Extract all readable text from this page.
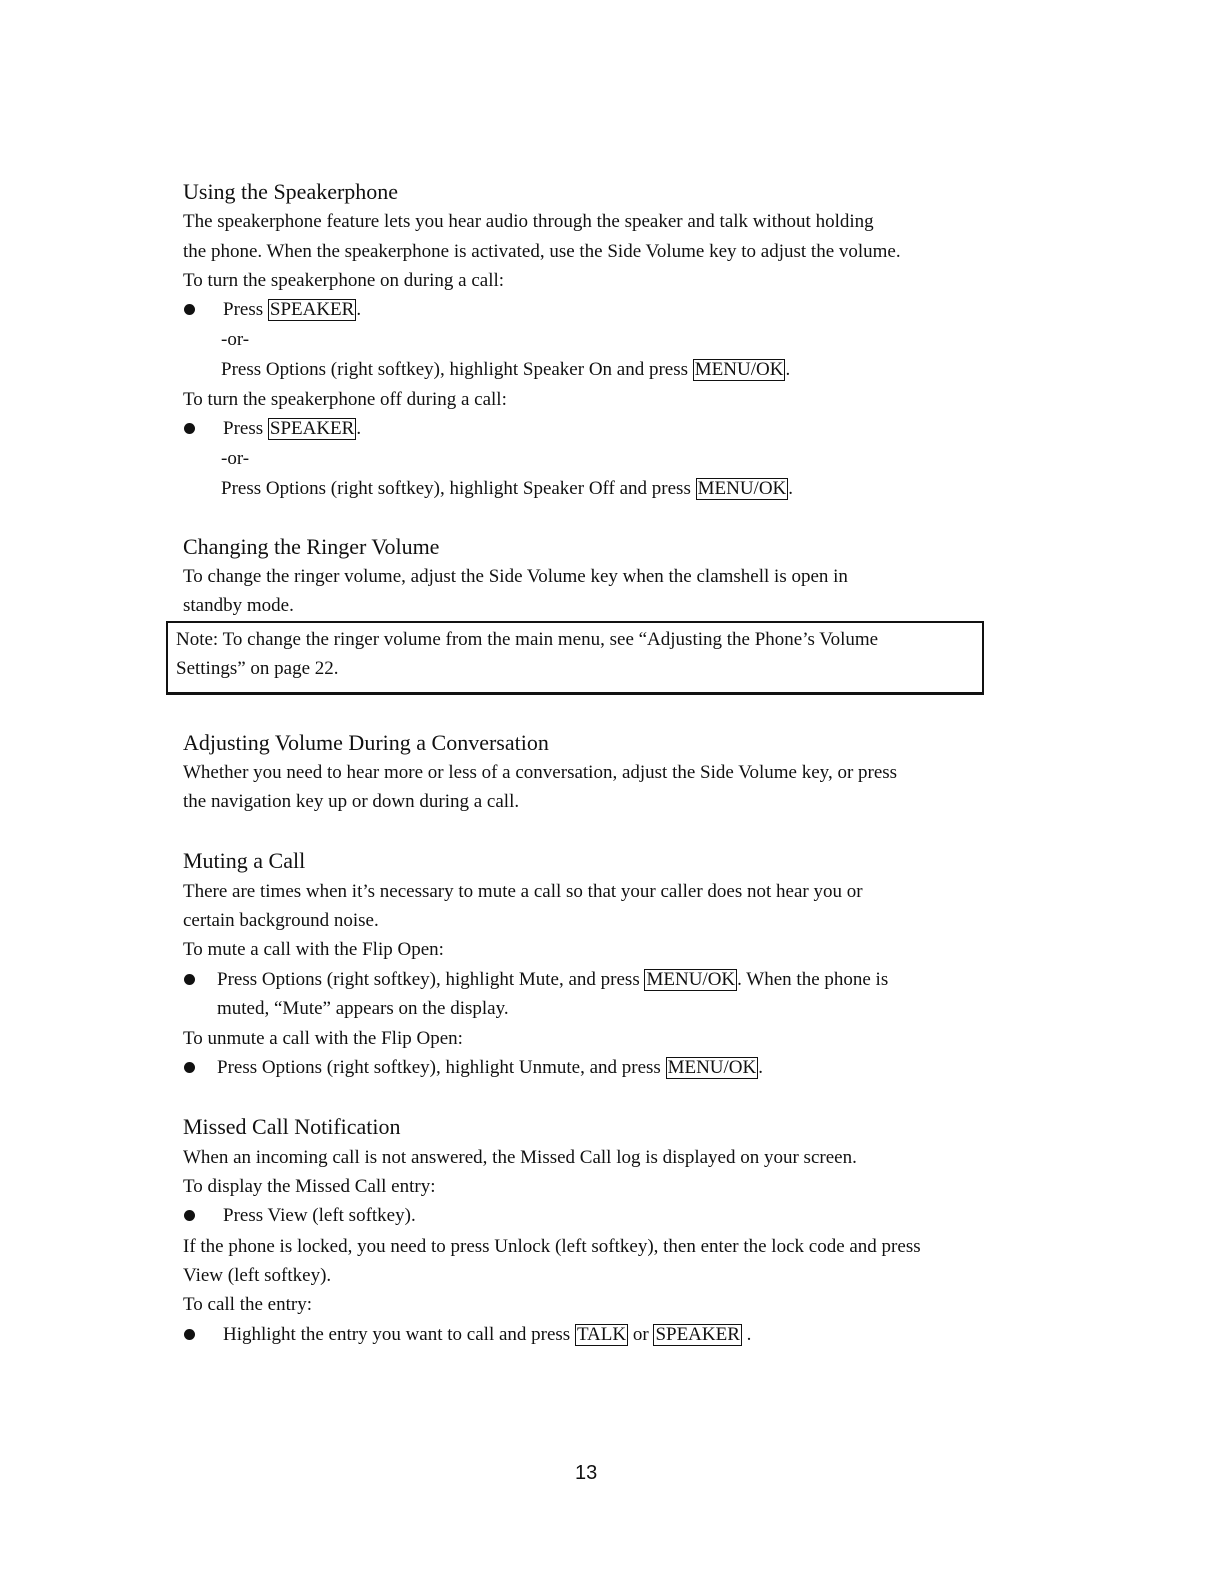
Using the Speakerphone
The speakerphone feature lets you hear audio through the speaker and talk without holding
the phone. When the speakerphone is activated, use the Side Volume key to adjust the volume.
To turn the speakerphone on during a call:
Press SPEAKER .
-or-
Press Options (right softkey), highlight Speaker On and press MENU/OK .
To turn the speakerphone off during a call:
Press SPEAKER .
-or-
Press Options (right softkey), highlight Speaker Off and press MENU/OK .
Changing the Ringer Volume
To change the ringer volume, adjust the Side Volume key when the clamshell is open in
standby mode.
Note: To change the ringer volume from the main menu, see “Adjusting the Phone’s Volume
Settings” on page 22.
Adjusting Volume During a Conversation
Whether you need to hear more or less of a conversation, adjust the Side Volume key, or press
the navigation key up or down during a call.
Muting a Call
There are times when it’s necessary to mute a call so that your caller does not hear you or
certain background noise.
To mute a call with the Flip Open:
Press Options (right softkey), highlight Mute, and press MENU/OK . When the phone is
muted, “Mute” appears on the display.
To unmute a call with the Flip Open:
Press Options (right softkey), highlight Unmute, and press MENU/OK .
Missed Call Notification
When an incoming call is not answered, the Missed Call log is displayed on your screen.
To display the Missed Call entry:
Press View (left softkey).
If the phone is locked, you need to press Unlock (left softkey), then enter the lock code and press
View (left softkey).
To call the entry:
Highlight the entry you want to call and press TALK or SPEAKER .
13
